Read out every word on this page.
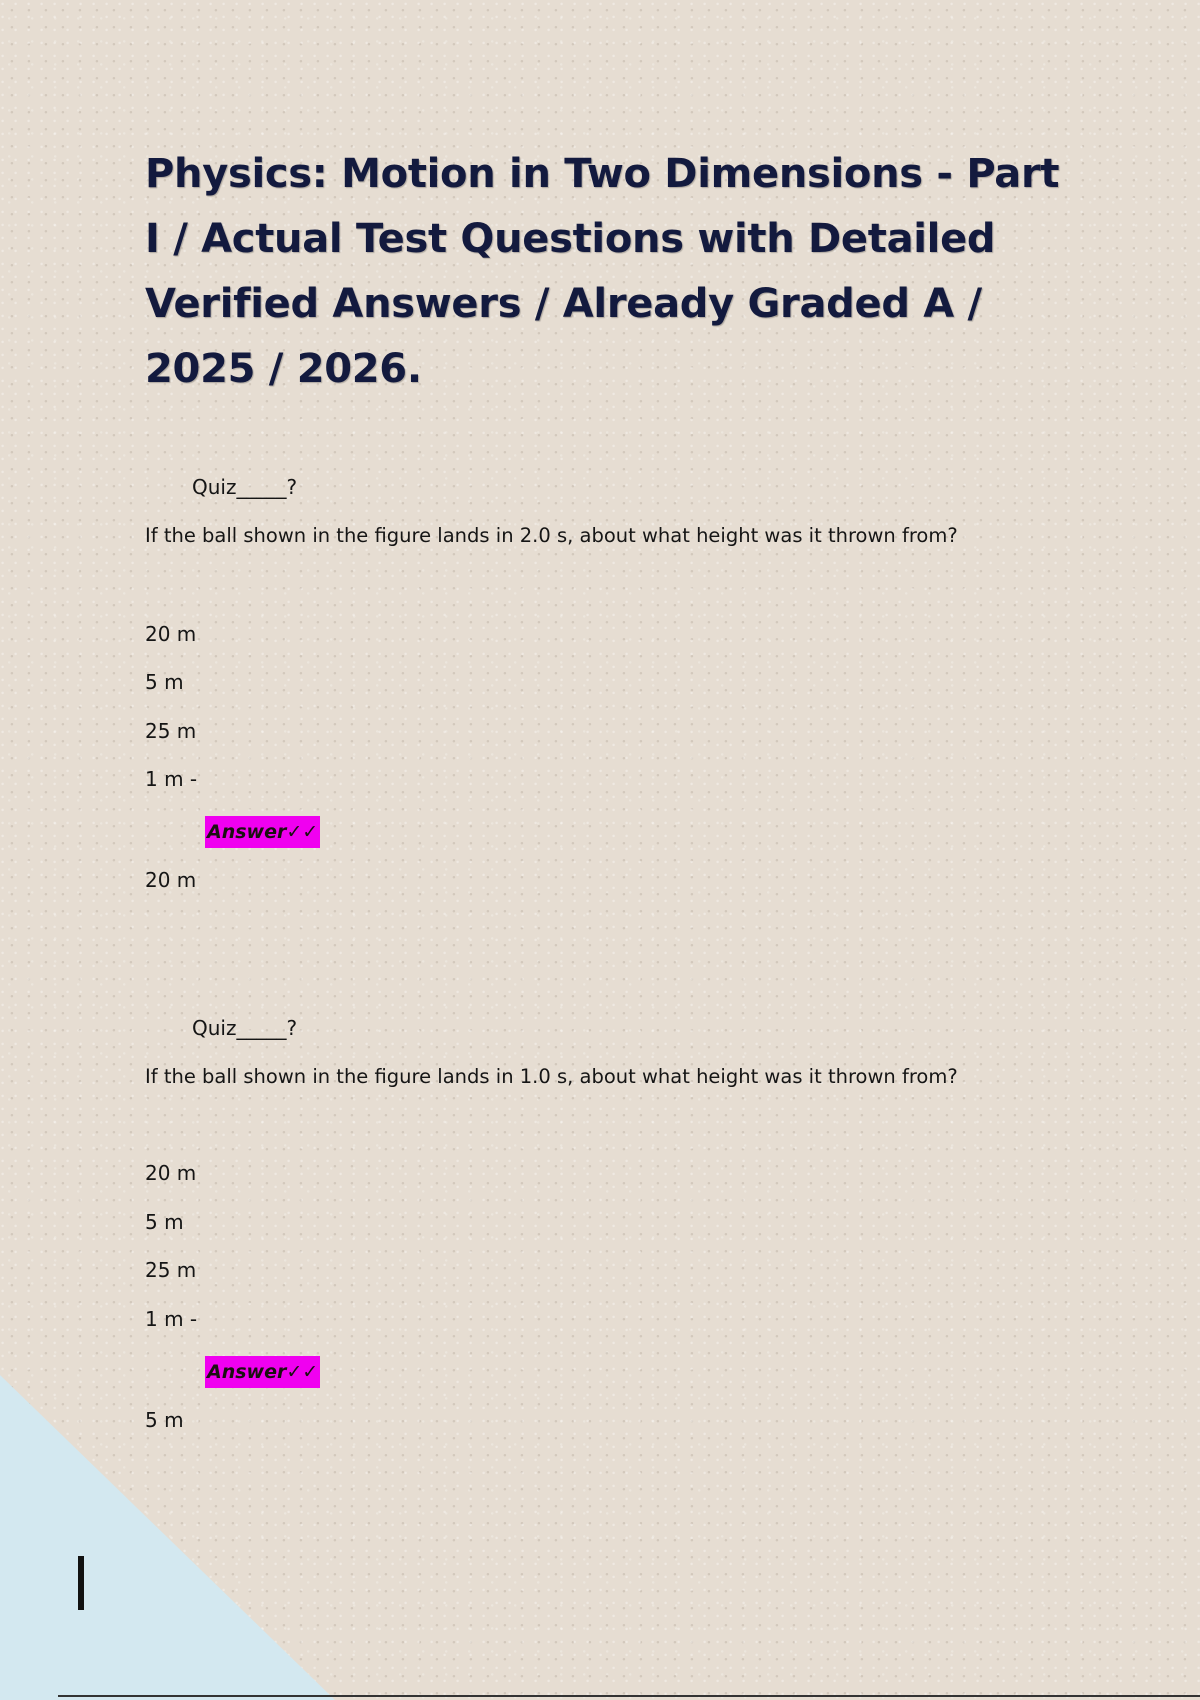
Physics: Motion in Two Dimensions - Part I / Actual Test Questions with Detailed Verified Answers / Already Graded A / 2025 / 2026.
Quiz_____?
If the ball shown in the figure lands in 2.0 s, about what height was it thrown from?
20 m
5 m
25 m
1 m -
Answer✓✓
20 m
Quiz_____?
If the ball shown in the figure lands in 1.0 s, about what height was it thrown from?
20 m
5 m
25 m
1 m -
Answer✓✓
5 m
